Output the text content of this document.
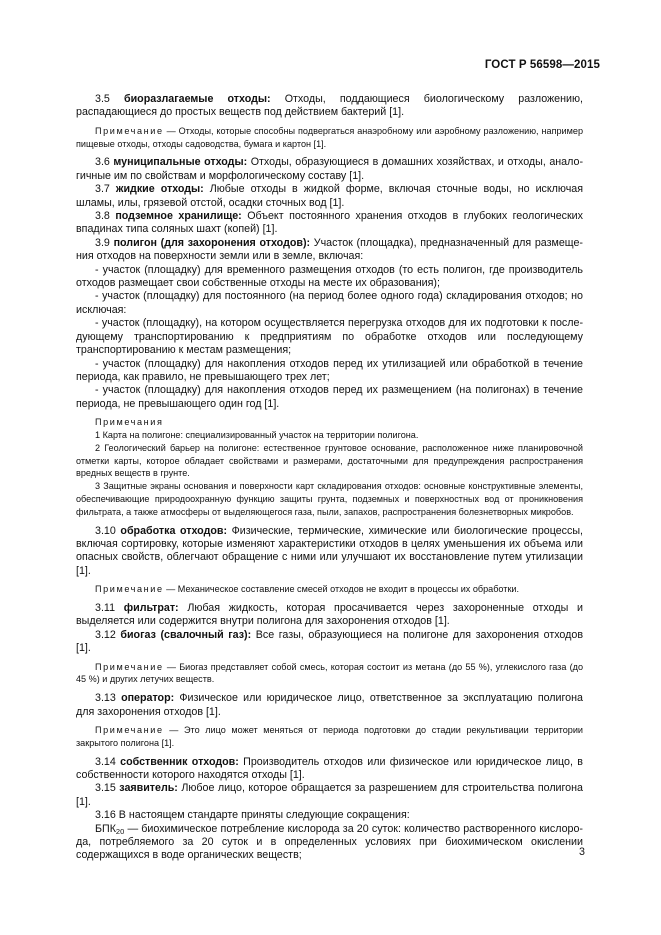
ГОСТ Р 56598—2015

3.5 биоразлагаемые отходы: Отходы, поддающиеся биологическому разложению, распадающиеся до простых веществ под действием бактерий [1].

Примечание — Отходы, которые способны подвергаться анаэробному или аэробному разложению, например пищевые отходы, отходы садоводства, бумага и картон [1].

3.6 муниципальные отходы: Отходы, образующиеся в домашних хозяйствах, и отходы, аналогичные им по свойствам и морфологическому составу [1].

3.7 жидкие отходы: Любые отходы в жидкой форме, включая сточные воды, но исключая шламы, илы, грязевой отстой, осадки сточных вод [1].

3.8 подземное хранилище: Объект постоянного хранения отходов в глубоких геологических впадинах типа соляных шахт (копей) [1].

3.9 полигон (для захоронения отходов): Участок (площадка), предназначенный для размещения отходов на поверхности земли или в земле, включая:

- участок (площадку) для временного размещения отходов (то есть полигон, где производитель отходов размещает свои собственные отходы на месте их образования);

- участок (площадку) для постоянного (на период более одного года) складирования отходов; но исключая:

- участок (площадку), на котором осуществляется перегрузка отходов для их подготовки к последующему транспортированию к предприятиям по обработке отходов или последующему транспортированию к местам размещения;

- участок (площадку) для накопления отходов перед их утилизацией или обработкой в течение периода, как правило, не превышающего трех лет;

- участок (площадку) для накопления отходов перед их размещением (на полигонах) в течение периода, не превышающего один год [1].

Примечания

1 Карта на полигоне: специализированный участок на территории полигона.

2 Геологический барьер на полигоне: естественное грунтовое основание, расположенное ниже планировочной отметки карты, которое обладает свойствами и размерами, достаточными для предупреждения распространения вредных веществ в грунте.

3 Защитные экраны основания и поверхности карт складирования отходов: основные конструктивные элементы, обеспечивающие природоохранную функцию защиты грунта, подземных и поверхностных вод от проникновения фильтрата, а также атмосферы от выделяющегося газа, пыли, запахов, распространения болезнетворных микробов.

3.10 обработка отходов: Физические, термические, химические или биологические процессы, включая сортировку, которые изменяют характеристики отходов в целях уменьшения их объема или опасных свойств, облегчают обращение с ними или улучшают их восстановление путем утилизации [1].

Примечание — Механическое составление смесей отходов не входит в процессы их обработки.

3.11 фильтрат: Любая жидкость, которая просачивается через захороненные отходы и выделяется или содержится внутри полигона для захоронения отходов [1].

3.12 биогаз (свалочный газ): Все газы, образующиеся на полигоне для захоронения отходов [1].

Примечание — Биогаз представляет собой смесь, которая состоит из метана (до 55 %), углекислого газа (до 45 %) и других летучих веществ.

3.13 оператор: Физическое или юридическое лицо, ответственное за эксплуатацию полигона для захоронения отходов [1].

Примечание — Это лицо может меняться от периода подготовки до стадии рекультивации территории закрытого полигона [1].

3.14 собственник отходов: Производитель отходов или физическое или юридическое лицо, в собственности которого находятся отходы [1].

3.15 заявитель: Любое лицо, которое обращается за разрешением для строительства полигона [1].

3.16 В настоящем стандарте приняты следующие сокращения:

$БПК_{20}$ — биохимическое потребление кислорода за 20 суток: количество растворенного кислорода, потребляемого за 20 суток и в определенных условиях при биохимическом окислении содержащихся в воде органических веществ;	3
